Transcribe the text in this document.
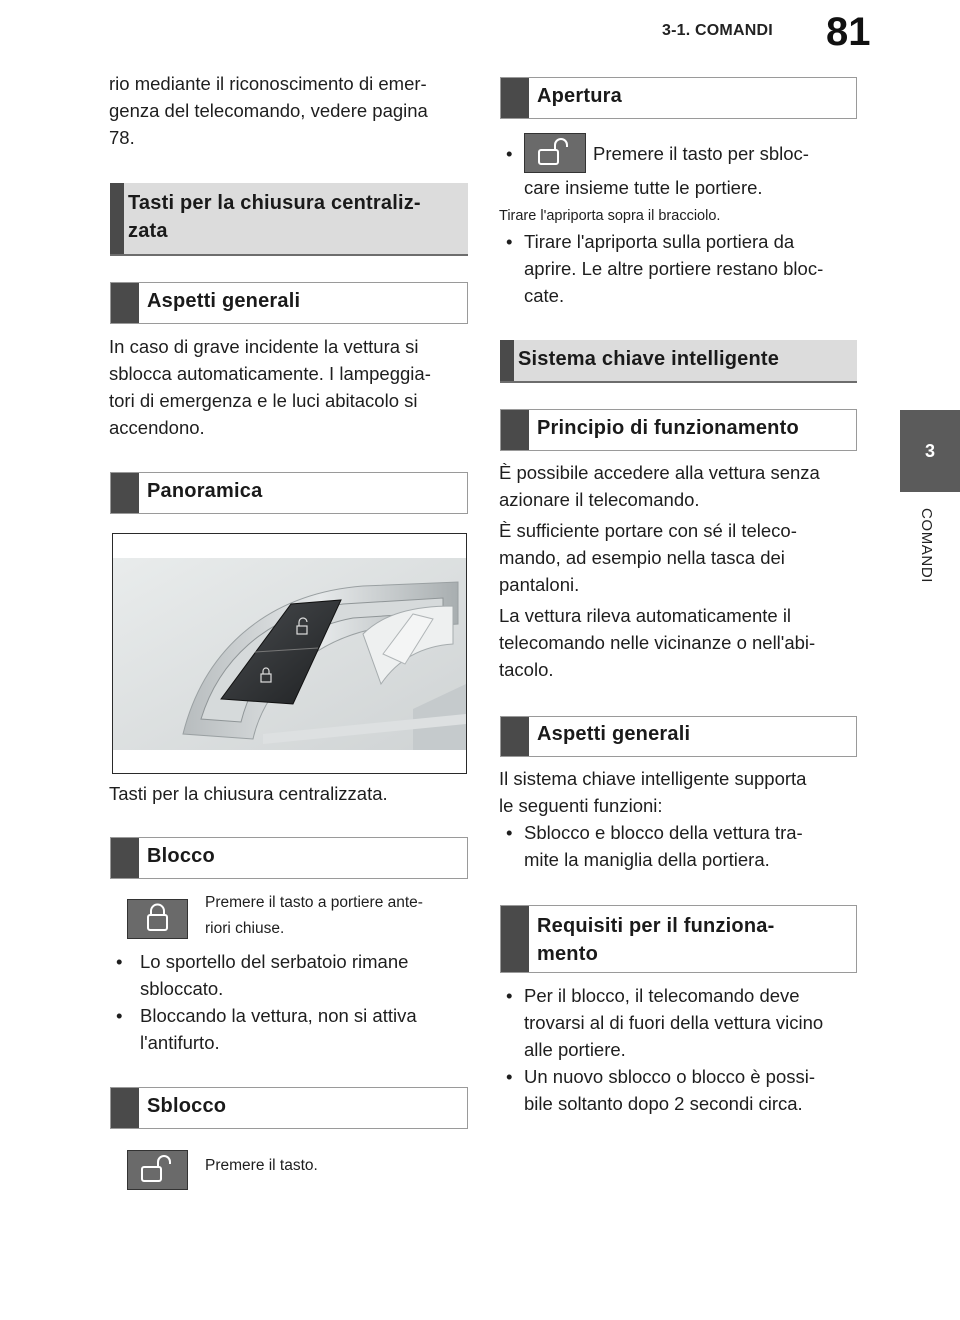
3-1. COMANDI 81
3
COMANDI

rio mediante il riconoscimento di emer-

genza del telecomando, vedere pagina

78.

Tasti per la chiusura centraliz-
zata
Aspetti generali

In caso di grave incidente la vettura si

sblocca automaticamente. I lampeggia-

tori di emergenza e le luci abitacolo si

accendono.

Panoramica
Tasti per la chiusura centralizzata.
Blocco
Premere il tasto a portiere ante-
riori chiuse.
• Lo sportello del serbatoio rimane
sbloccato.
• Bloccando la vettura, non si attiva
l'antifurto.
Sblocco
Premere il tasto.
Apertura
•	Premere il tasto per sbloc-
care insieme tutte le portiere.
Tirare l'apriporta sopra il bracciolo.
• Tirare l'apriporta sulla portiera da
aprire. Le altre portiere restano bloc-
cate.
Sistema chiave intelligente
Principio di funzionamento

È possibile accedere alla vettura senza

azionare il telecomando.

È sufficiente portare con sé il teleco-

mando, ad esempio nella tasca dei

pantaloni.

La vettura rileva automaticamente il

telecomando nelle vicinanze o nell'abi-

tacolo.

Aspetti generali

Il sistema chiave intelligente supporta

le seguenti funzioni:

• Sblocco e blocco della vettura tra-
mite la maniglia della portiera.
Requisiti per il funziona-
mento
• Per il blocco, il telecomando deve
trovarsi al di fuori della vettura vicino
alle portiere.
• Un nuovo sblocco o blocco è possi-
bile soltanto dopo 2 secondi circa.
